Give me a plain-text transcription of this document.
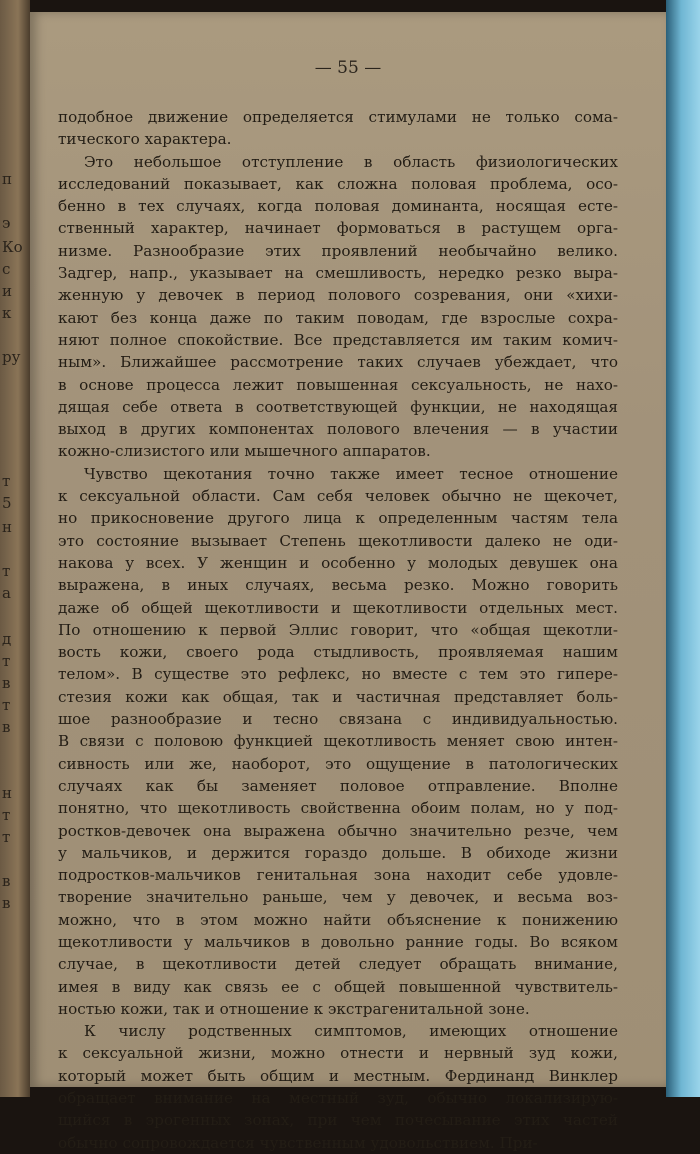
п
э
Ко
с
и
к
ру
т
5
н
т
а
д
т
в
т
в
н
т
т
в
в
— 55 —

подобное движение определяется стимулами не только сома-
тического характера.

Это небольшое отступление в область физиологических
исследований показывает, как сложна половая проблема, осо-
бенно в тех случаях, когда половая доминанта, носящая есте-
ственный характер, начинает формоваться в растущем орга-
низме. Разнообразие этих проявлений необычайно велико.
Задгер, напр., указывает на смешливость, нередко резко выра-
женную у девочек в период полового созревания, они «хихи-
кают без конца даже по таким поводам, где взрослые сохра-
няют полное спокойствие. Все представляется им таким комич-
ным». Ближайшее рассмотрение таких случаев убеждает, что
в основе процесса лежит повышенная сексуальность, не нахо-
дящая себе ответа в соответствующей функции, не находящая
выход в других компонентах полового влечения — в участии
кожно-слизистого или мышечного аппаратов.

Чувство щекотания точно также имеет тесное отношение
к сексуальной области. Сам себя человек обычно не щекочет,
но прикосновение другого лица к определенным частям тела
это состояние вызывает Степень щекотливости далеко не оди-
накова у всех. У женщин и особенно у молодых девушек она
выражена, в иных случаях, весьма резко. Можно говорить
даже об общей щекотливости и щекотливости отдельных мест.
По отношению к первой Эллис говорит, что «общая щекотли-
вость кожи, своего рода стыдливость, проявляемая нашим
телом». В существе это рефлекс, но вместе с тем это гипере-
стезия кожи как общая, так и частичная представляет боль-
шое разнообразие и тесно связана с индивидуальностью.
В связи с половою функцией щекотливость меняет свою интен-
сивность или же, наоборот, это ощущение в патологических
случаях как бы заменяет половое отправление. Вполне
понятно, что щекотливость свойственна обоим полам, но у под-
ростков-девочек она выражена обычно значительно резче, чем
у мальчиков, и держится гораздо дольше. В обиходе жизни
подростков-мальчиков генитальная зона находит себе удовле-
творение значительно раньше, чем у девочек, и весьма воз-
можно, что в этом можно найти объяснение к понижению
щекотливости у мальчиков в довольно ранние годы. Во всяком
случае, в щекотливости детей следует обращать внимание,
имея в виду как связь ее с общей повышенной чувствитель-
ностью кожи, так и отношение к экстрагенитальной зоне.

К числу родственных симптомов, имеющих отношение
к сексуальной жизни, можно отнести и нервный зуд кожи,
который может быть общим и местным. Фердинанд Винклер
обращает внимание на местный зуд, обычно локализирую-
щийся в эрогенных зонах, при чем почесывание этих частей
обычно сопровождается чувственным удовольствием. При-
